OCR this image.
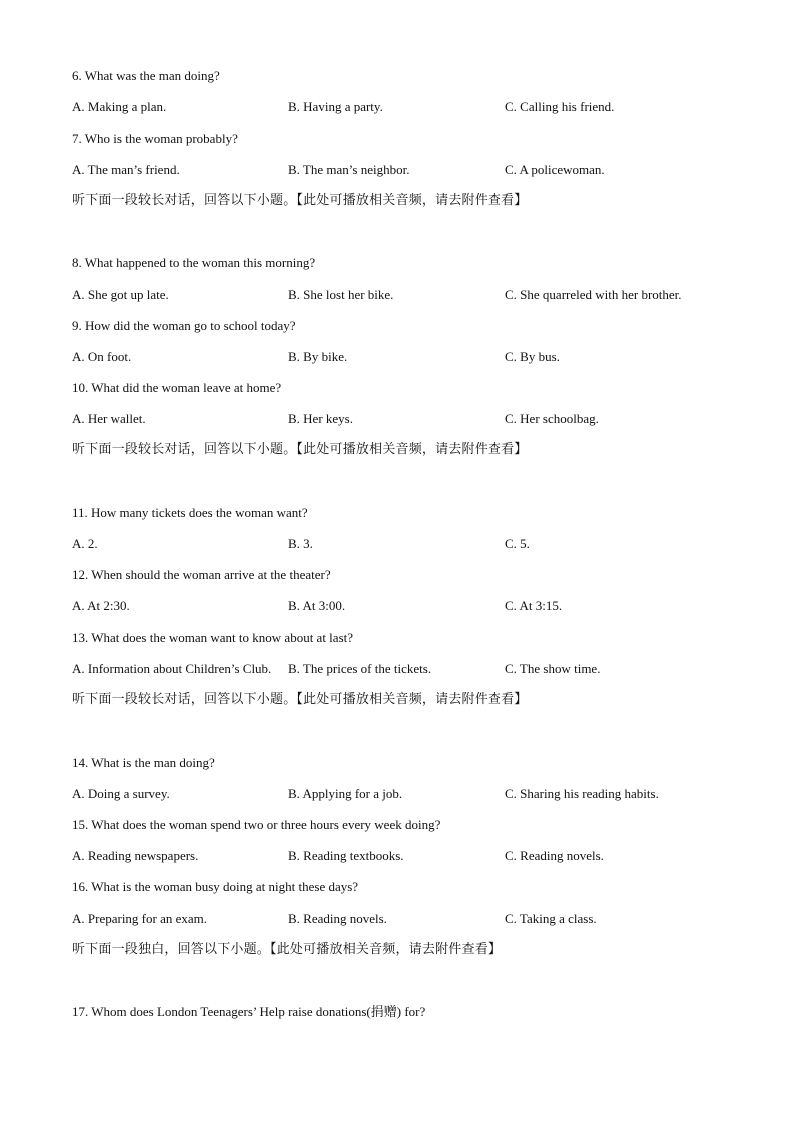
6. What was the man doing?
A. Making a plan.	B. Having a party.	C. Calling his friend.
7. Who is the woman probably?
A. The man’s friend.	B. The man’s neighbor.	C. A policewoman.
听下面一段较长对话，回答以下小题。【此处可播放相关音频，请去附件查看】
8. What happened to the woman this morning?
A. She got up late.	B. She lost her bike.	C. She quarreled with her brother.
9. How did the woman go to school today?
A. On foot.	B. By bike.	C. By bus.
10. What did the woman leave at home?
A. Her wallet.	B. Her keys.	C. Her schoolbag.
听下面一段较长对话，回答以下小题。【此处可播放相关音频，请去附件查看】
11. How many tickets does the woman want?
A. 2.	B. 3.	C. 5.
12. When should the woman arrive at the theater?
A. At 2:30.	B. At 3:00.	C. At 3:15.
13. What does the woman want to know about at last?
A. Information about Children’s Club. B. The prices of the tickets.	C. The show time.
听下面一段较长对话，回答以下小题。【此处可播放相关音频，请去附件查看】
14. What is the man doing?
A. Doing a survey.	B. Applying for a job.	C. Sharing his reading habits.
15. What does the woman spend two or three hours every week doing?
A. Reading newspapers.	B. Reading textbooks.	C. Reading novels.
16. What is the woman busy doing at night these days?
A. Preparing for an exam.	B. Reading novels.	C. Taking a class.
听下面一段独白，回答以下小题。【此处可播放相关音频，请去附件查看】
17. Whom does London Teenagers’ Help raise donations(捐赠) for?
